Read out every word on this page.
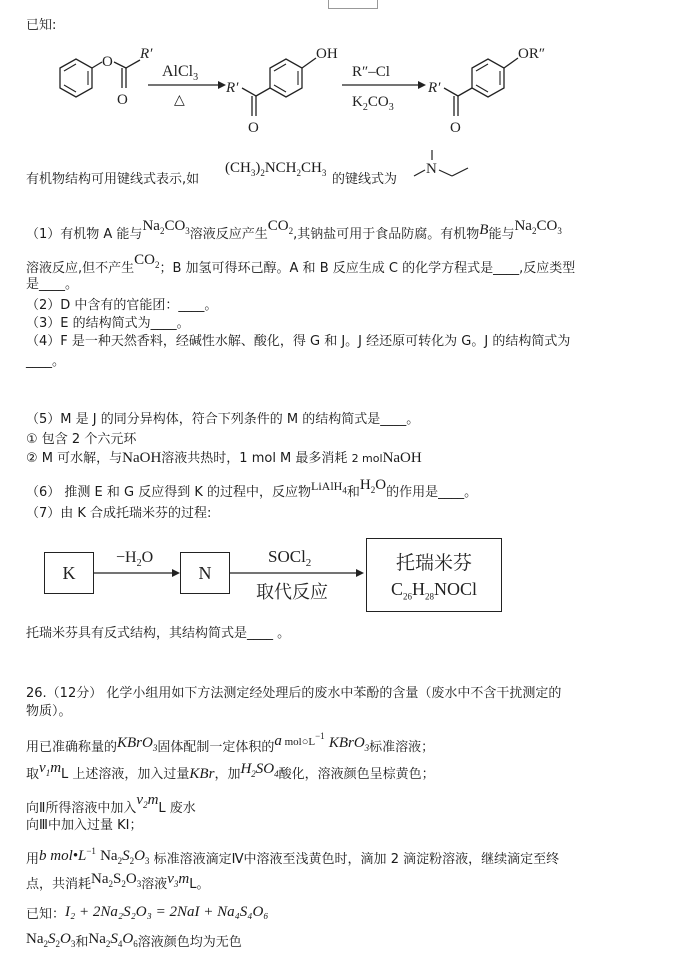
已知:
O R′
O
AlCl$_3$
△
R′
O
OH
R″–Cl
$K_2CO_3$
R′
O
OR″
有机物结构可用键线式表示,如
$(CH_3)_2NCH_2CH_3$ 的键线式为
N
（1）有机物 A 能与$Na_2CO_3$溶液反应产生$CO_2$,其钠盐可用于食品防腐。有机物B能与$Na_2CO_3$
溶液反应,但不产生$CO_2$；B 加氢可得环己醇。A 和 B 反应生成 C 的化学方程式是____,反应类型
是____。
（2）D 中含有的官能团：____。
（3）E 的结构简式为____。
（4）F 是一种天然香料，经碱性水解、酸化，得 G 和 J。J 经还原可转化为 G。J 的结构简式为
____。
（5）M 是 J 的同分异构体，符合下列条件的 M 的结构简式是____。
① 包含 2 个六元环
② M 可水解，与NaOH溶液共热时，1 mol M 最多消耗 2 molNaOH
（6） 推测 E 和 G 反应得到 K 的过程中，反应物LiAlH$_4$和$H_2O$的作用是____。
（7）由 K 合成托瑞米芬的过程:
K
$-H_2O$
N
SOCl$_2$
取代反应
托瑞米芬
$C_{26}H_{28}NOCl$
托瑞米芬具有反式结构，其结构简式是____ 。
26.（12分） 化学小组用如下方法测定经处理后的废水中苯酚的含量（废水中不含干扰测定的
物质）。
用已准确称量的KBrO$_3$固体配制一定体积的a $mol○L^{-1}$ KBrO$_3$标准溶液；
取$v_1mL$ 上述溶液，加入过量KBr，加$H_2SO_4$酸化，溶液颜色呈棕黄色；
向Ⅱ所得溶液中加入$v_2mL$ 废水
向Ⅲ中加入过量 KI；
用b $mol•L^{-1}$ $Na_2S_2O_3$ 标准溶液滴定Ⅳ中溶液至浅黄色时，滴加 2 滴淀粉溶液，继续滴定至终
点，共消耗$Na_2S_2O_3$溶液$v_3mL$。
已知：I₂ + 2Na₂S₂O₃ = 2NaI + Na₄S₄O₆
$Na_2S_2O_3$和$Na_2S_4O_6$溶液颜色均为无色
